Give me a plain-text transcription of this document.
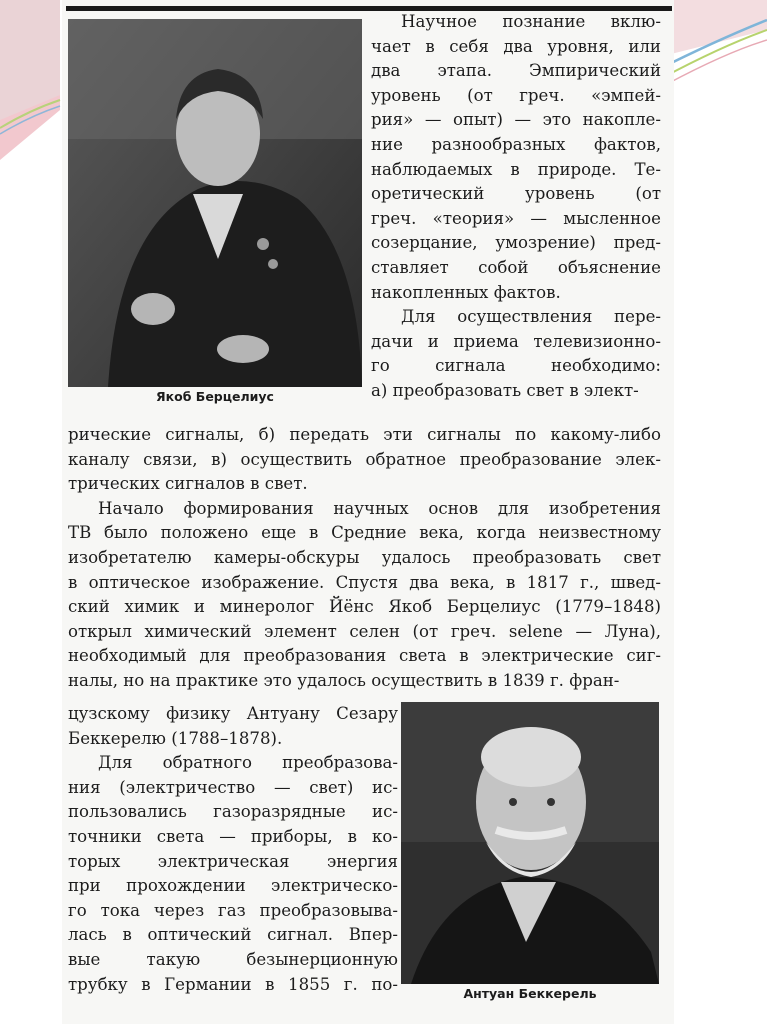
Якоб Берцелиус
Антуан Беккерель
Научное познание вклю-
чает в себя два уровня, или
два этапа. Эмпирический
уровень (от греч. «эмпей-
рия» — опыт) — это накопле-
ние разнообразных фактов,
наблюдаемых в природе. Те-
оретический уровень (от
греч. «теория» — мысленное
созерцание, умозрение) пред-
ставляет собой объяснение
накопленных фактов.
Для осуществления пере-
дачи и приема телевизионно-
го сигнала необходимо:
а) преобразовать свет в элект-
рические сигналы, б) передать эти сигналы по какому-либо
каналу связи, в) осуществить обратное преобразование элек-
трических сигналов в свет.
Начало формирования научных основ для изобретения
ТВ было положено еще в Средние века, когда неизвестному
изобретателю камеры-обскуры удалось преобразовать свет
в оптическое изображение. Спустя два века, в 1817 г., швед-
ский химик и минеролог Йёнс Якоб Берцелиус (1779–1848)
открыл химический элемент селен (от греч. selene — Луна),
необходимый для преобразования света в электрические сиг-
налы, но на практике это удалось осуществить в 1839 г. фран-
цузскому физику Антуану Сезару
Беккерелю (1788–1878).
Для обратного преобразова-
ния (электричество — свет) ис-
пользовались газоразрядные ис-
точники света — приборы, в ко-
торых электрическая энергия
при прохождении электрическо-
го тока через газ преобразовыва-
лась в оптический сигнал. Впер-
вые такую безынерционную
трубку в Германии в 1855 г. по-
